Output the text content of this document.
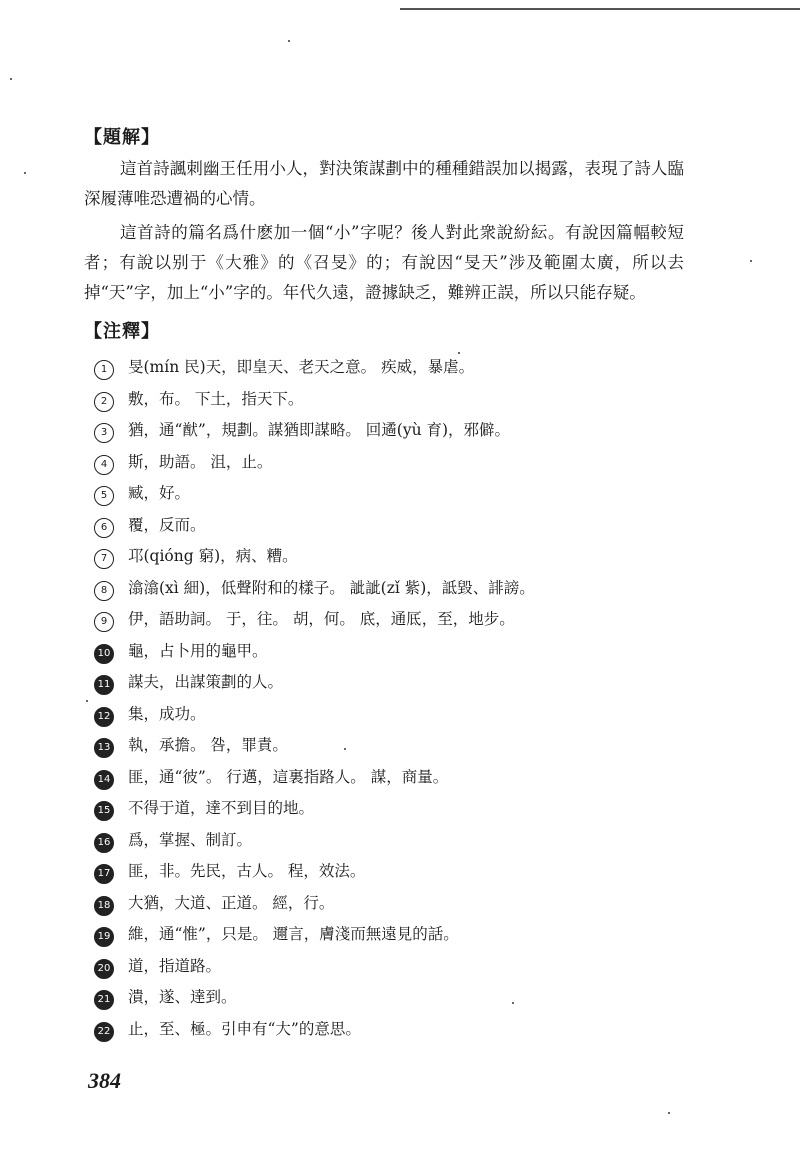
【題解】

這首詩諷刺幽王任用小人，對決策謀劃中的種種錯誤加以揭露，表現了詩人臨深履薄唯恐遭禍的心情。

這首詩的篇名爲什麽加一個“小”字呢？後人對此衆說紛紜。有說因篇幅較短者；有說以别于《大雅》的《召旻》的；有說因“旻天”涉及範圍太廣，所以去掉“天”字，加上“小”字的。年代久遠，證據缺乏，難辨正誤，所以只能存疑。

【注釋】
1	旻(mín 民)天，即皇天、老天之意。 疾威，暴虐。
2	敷，布。 下土，指天下。
3	猶，通“猷”，規劃。謀猶即謀略。 回遹(yù 育)，邪僻。
4	斯，助語。 沮，止。
5	臧，好。
6	覆，反而。
7	邛(qióng 窮)，病、糟。
8	潝潝(xì 細)，低聲附和的樣子。 訿訿(zǐ 紫)，詆毀、誹謗。
9	伊，語助詞。 于，往。 胡，何。 底，通厎，至，地步。
10 龜，占卜用的龜甲。
11 謀夫，出謀策劃的人。
12 集，成功。
13 執，承擔。 咎，罪責。
14 匪，通“彼”。 行邁，這裏指路人。 謀，商量。
15 不得于道，達不到目的地。
16 爲，掌握、制訂。
17 匪，非。先民，古人。 程，效法。
18 大猶，大道、正道。 經，行。
19 維，通“惟”，只是。 邇言，膚淺而無遠見的話。
20 道，指道路。
21 潰，遂、達到。
22 止，至、極。引申有“大”的意思。
384
